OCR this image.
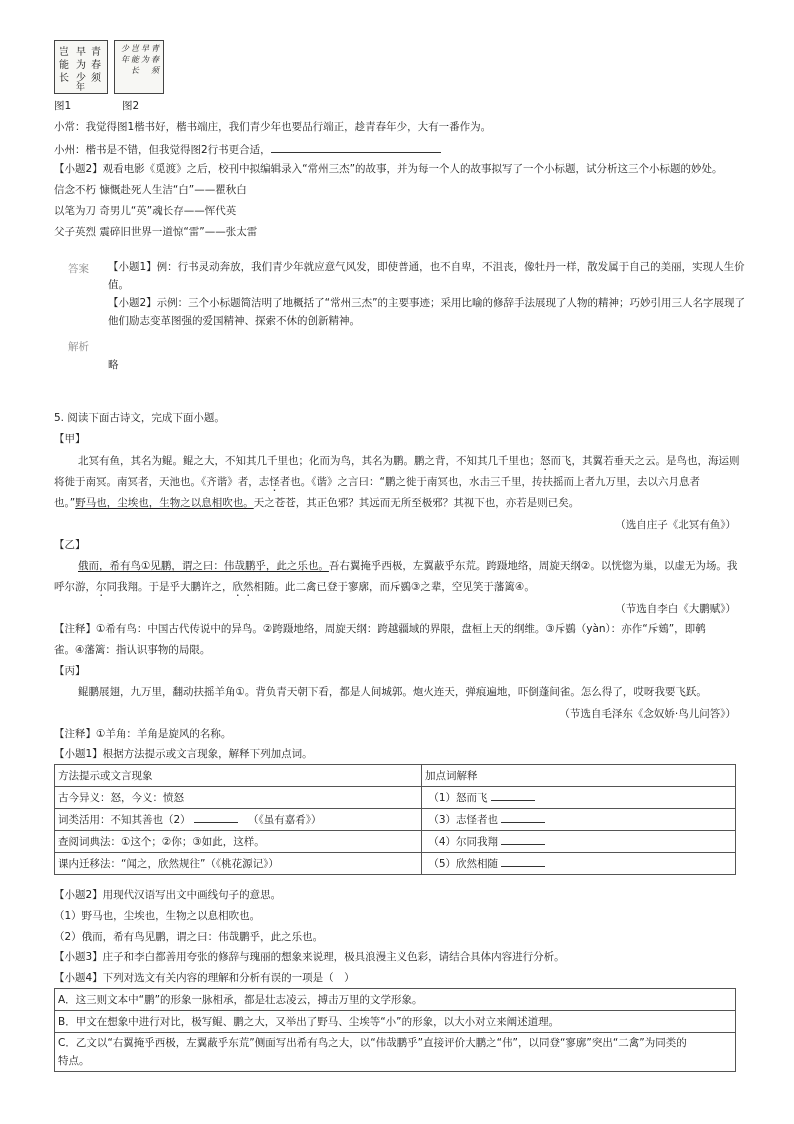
青
春
须
早
为
岂
能
长 少
年
青
春
须
早
为
岂
能
长
少
年
图1	图2
小常：我觉得图1楷书好，楷书端庄，我们青少年也要品行端正，趁青春年少，大有一番作为。
小州：楷书是不错，但我觉得图2行书更合适，
【小题2】观看电影《觅渡》之后，校刊中拟编辑录入“常州三杰”的故事，并为每一个人的故事拟写了一个小标题，试分析这三个小标题的妙处。
信念不朽 慷慨赴死人生洁“白”——瞿秋白
以笔为刀 奇男儿“英”魂长存——恽代英
父子英烈 震碎旧世界一道惊“雷”——张太雷
答案 【小题1】例：行书灵动奔放，我们青少年就应意气风发，即使普通，也不自卑，不沮丧，像牡丹一样，散发属于自己的美丽，实现人生价值。
【小题2】示例：三个小标题简洁明了地概括了“常州三杰”的主要事迹；采用比喻的修辞手法展现了人物的精神；巧妙引用三人名字展现了他们励志变革图强的爱国精神、探索不休的创新精神。
解析
略
5. 阅读下面古诗文，完成下面小题。
【甲】
北冥有鱼，其名为鲲。鲲之大，不知其几千里也；化而为鸟，其名为鹏。鹏之背，不知其几千里也；怒而飞，其翼若垂天之云。是鸟也，海运则
将徙于南冥。南冥者，天池也。《齐谐》者，志怪者也。《谐》之言曰：“鹏之徙于南冥也，水击三千里，抟扶摇而上者九万里，去以六月息者
也。”野马也，尘埃也，生物之以息相吹也。天之苍苍，其正色邪？其远而无所至极邪？其视下也，亦若是则已矣。
（选自庄子《北冥有鱼》）
【乙】
俄而，希有鸟①见鹏，谓之曰：伟哉鹏乎，此之乐也。吾右翼掩乎西极，左翼蔽乎东荒。跨蹑地络，周旋天纲②。以恍惚为巢，以虚无为场。我
呼尔游，尔同我翔。于是乎大鹏许之，欣然相随。此二禽已登于寥廓，而斥鷃③之辈，空见笑于藩篱④。
（节选自李白《大鹏赋》）
【注释】①希有鸟：中国古代传说中的异鸟。②跨蹑地络，周旋天纲：跨越疆域的界限，盘桓上天的纲维。③斥鷃（yàn）：亦作“斥鴳”，即鹌
雀。④藩篱：指认识事物的局限。
【丙】
鲲鹏展翅，九万里，翻动扶摇羊角①。背负青天朝下看，都是人间城郭。炮火连天，弹痕遍地，吓倒蓬间雀。怎么得了，哎呀我要飞跃。
（节选自毛泽东《念奴娇·鸟儿问答》）
【注释】①羊角：羊角是旋风的名称。
【小题1】根据方法提示或文言现象，解释下列加点词。
方法提示或文言现象	加点词解释
古今异义：怒，今义：愤怒	（1）怒而飞
词类活用：不知其善也（2） （《虽有嘉肴》）	（3）志怪者也
查阅词典法：①这个；②你；③如此，这样。	（4）尔同我翔
课内迁移法：“闻之，欣然规往”（《桃花源记》）	（5）欣然相随
【小题2】用现代汉语写出文中画线句子的意思。
（1）野马也，尘埃也，生物之以息相吹也。
（2）俄而，希有鸟见鹏，谓之曰：伟哉鹏乎，此之乐也。
【小题3】庄子和李白都善用夸张的修辞与瑰丽的想象来说理，极具浪漫主义色彩，请结合具体内容进行分析。
【小题4】下列对选文有关内容的理解和分析有误的一项是（　）
A．这三则文本中“鹏”的形象一脉相承，都是壮志凌云，搏击万里的文学形象。
B．甲文在想象中进行对比，极写鲲、鹏之大，又举出了野马、尘埃等“小”的形象，以大小对立来阐述道理。

C．乙文以“右翼掩乎西极，左翼蔽乎东荒”侧面写出希有鸟之大，以“伟哉鹏乎”直接评价大鹏之“伟”，以同登“寥廓”突出“二禽”为同类的
特点。
